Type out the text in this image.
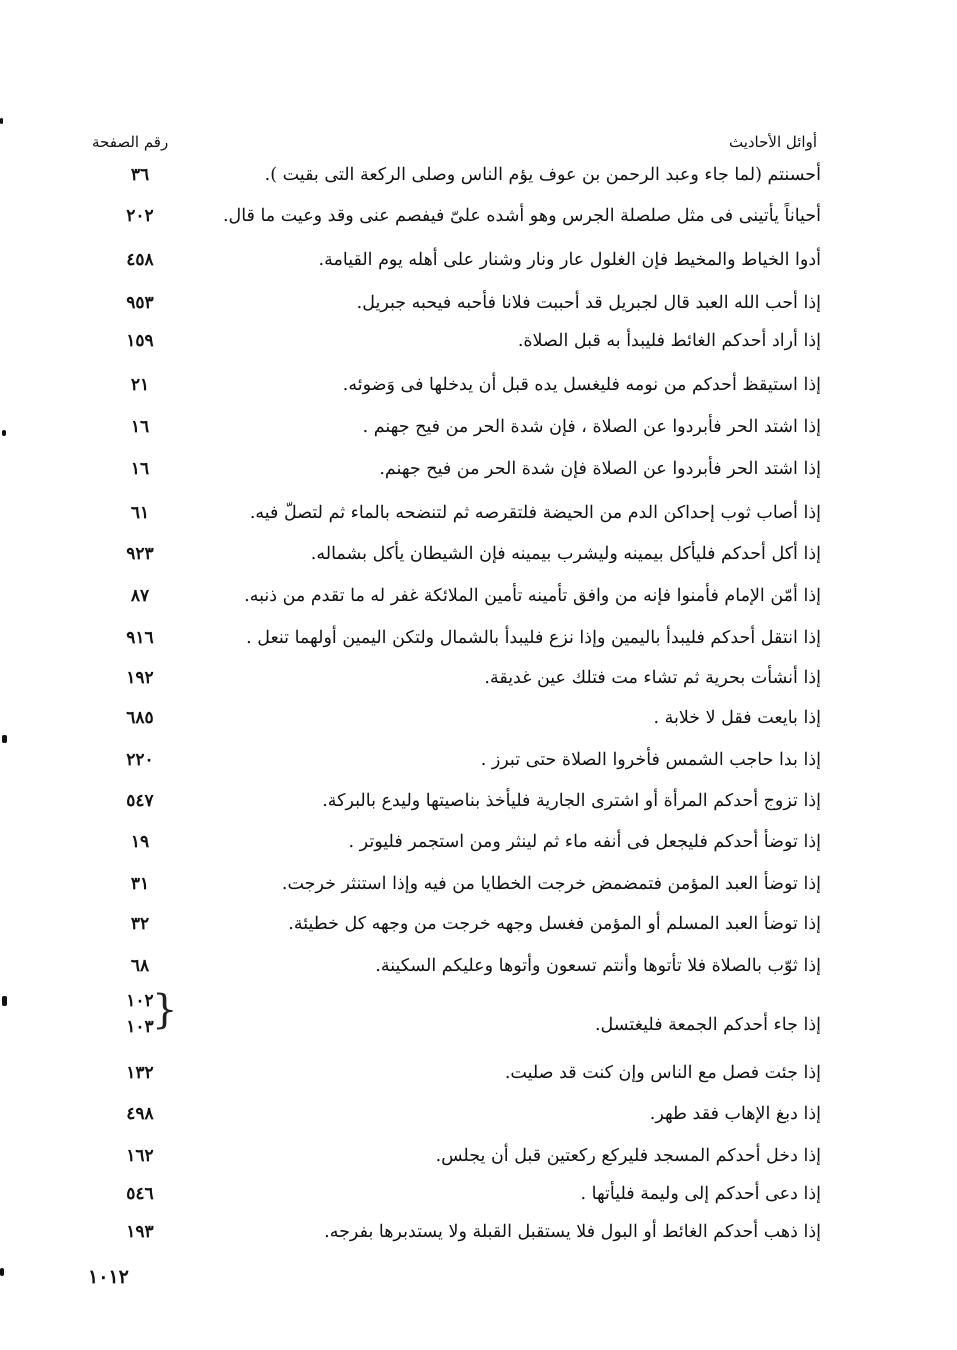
أوائل الأحاديث
رقم الصفحة
أحسنتم (لما جاء وعبد الرحمن بن عوف يؤم الناس وصلى الركعة التى بقيت ).
٣٦
أحياناً يأتينى فى مثل صلصلة الجرس وهو أشده علىّ فيفصم عنى وقد وعيت ما قال.
٢٠٢
أدوا الخياط والمخيط فإن الغلول عار ونار وشنار على أهله يوم القيامة.
٤٥٨
إذا أحب الله العبد قال لجبريل قد أحببت فلانا فأحبه فيحبه جبريل.
٩٥٣
إذا أراد أحدكم الغائط فليبدأ به قبل الصلاة.
١٥٩
إذا استيقظ أحدكم من نومه فليغسل يده قبل أن يدخلها فى وَضوئه.
٢١
إذا اشتد الحر فأبردوا عن الصلاة ، فإن شدة الحر من فيح جهنم .
١٦
إذا اشتد الحر فأبردوا عن الصلاة فإن شدة الحر من فيح جهنم.
١٦
إذا أصاب ثوب إحداكن الدم من الحيضة فلتقرصه ثم لتنضحه بالماء ثم لتصلّ فيه.
٦١
إذا أكل أحدكم فليأكل بيمينه وليشرب بيمينه فإن الشيطان يأكل بشماله.
٩٢٣
إذا أمّن الإمام فأمنوا فإنه من وافق تأمينه تأمين الملائكة غفر له ما تقدم من ذنبه.
٨٧
إذا انتقل أحدكم فليبدأ باليمين وإذا نزع فليبدأ بالشمال ولتكن اليمين أولهما تنعل .
٩١٦
إذا أنشأت بحرية ثم تشاء مت فتلك عين غديقة.
١٩٢
إذا بايعت فقل لا خلابة .
٦٨٥
إذا بدا حاجب الشمس فأخروا الصلاة حتى تبرز .
٢٢٠
إذا تزوج أحدكم المرأة أو اشترى الجارية فليأخذ بناصيتها وليدع بالبركة.
٥٤٧
إذا توضأ أحدكم فليجعل فى أنفه ماء ثم لينثر ومن استجمر فليوتر .
١٩
إذا توضأ العبد المؤمن فتمضمض خرجت الخطايا من فيه وإذا استنثر خرجت.
٣١
إذا توضأ العبد المسلم أو المؤمن فغسل وجهه خرجت من وجهه كل خطيئة.
٣٢
إذا ثوّب بالصلاة فلا تأتوها وأنتم تسعون وأتوها وعليكم السكينة.
٦٨
إذا جاء أحدكم الجمعة فليغتسل.
١٠٢
١٠٣
}
إذا جئت فصل مع الناس وإن كنت قد صليت.
١٣٢
إذا دبغ الإهاب فقد طهر.
٤٩٨
إذا دخل أحدكم المسجد فليركع ركعتين قبل أن يجلس.
١٦٢
إذا دعى أحدكم إلى وليمة فليأتها .
٥٤٦
إذا ذهب أحدكم الغائط أو البول فلا يستقبل القبلة ولا يستدبرها بفرجه.
١٩٣
١٠١٢
